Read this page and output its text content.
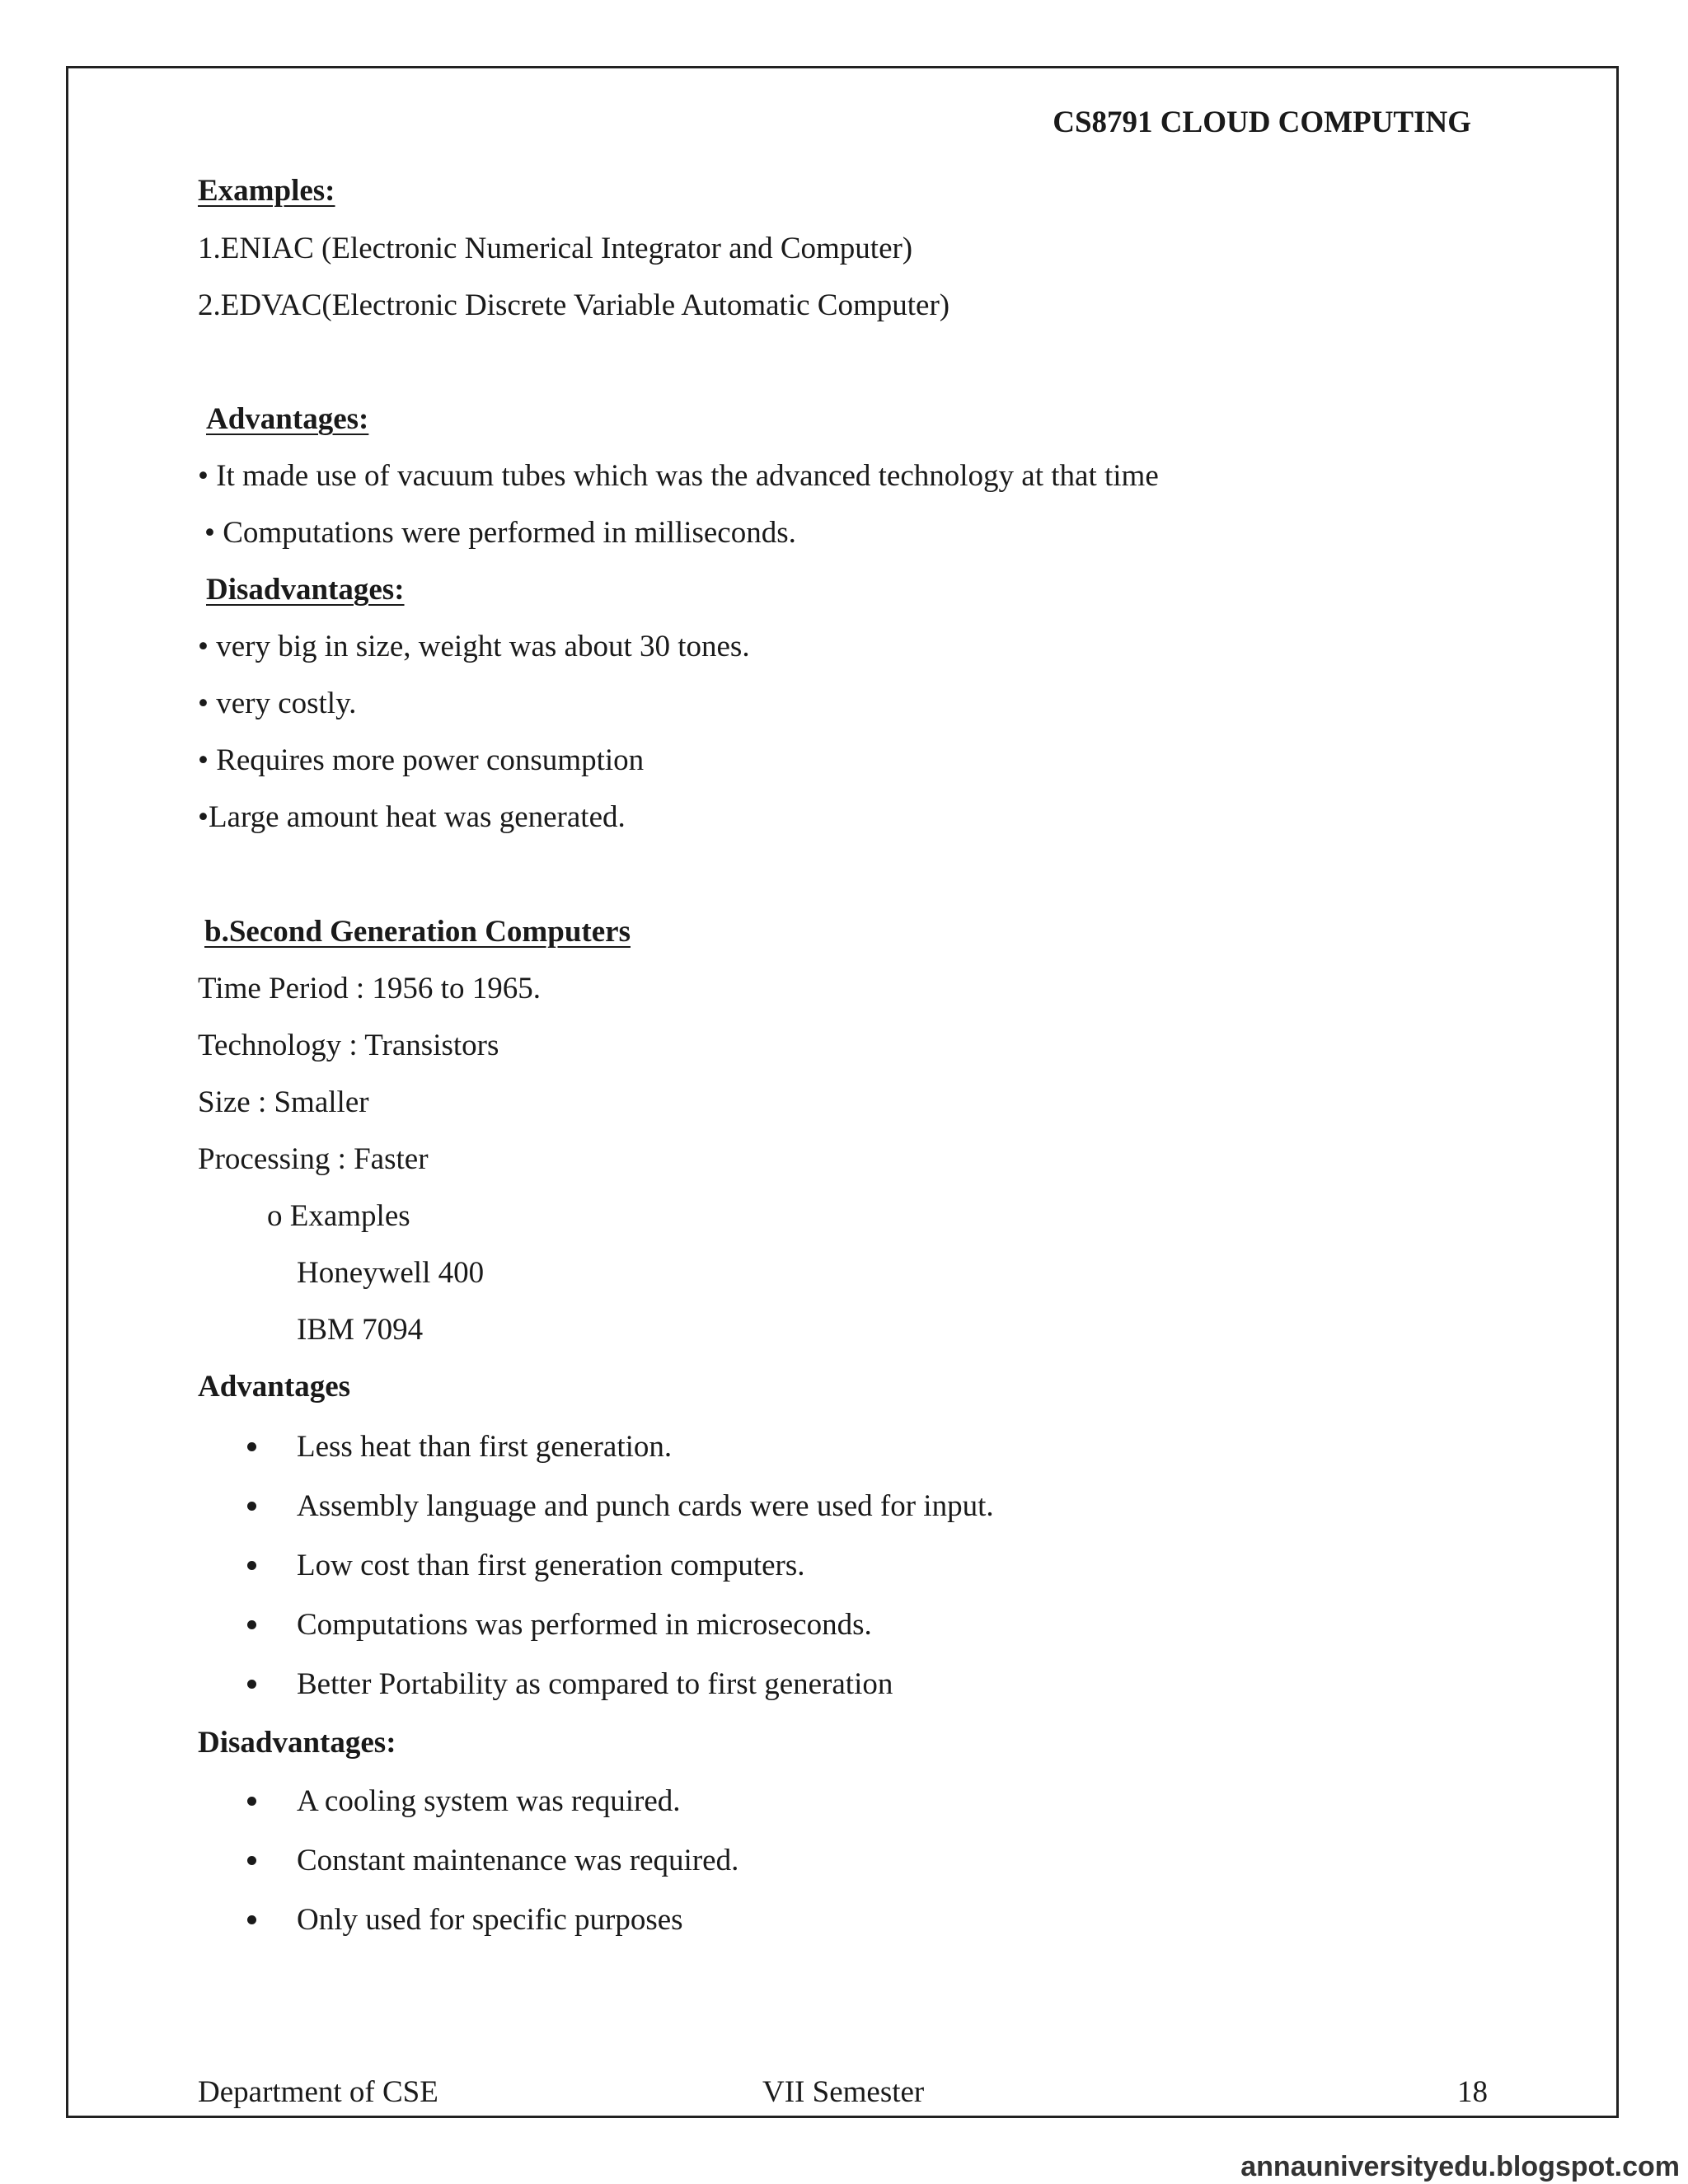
CS8791 CLOUD COMPUTING
Examples:
1.ENIAC (Electronic Numerical Integrator and Computer)
2.EDVAC(Electronic Discrete Variable Automatic Computer)
Advantages:
• It made use of vacuum tubes which was the advanced technology at that time
• Computations were performed in milliseconds.
Disadvantages:
• very big in size, weight was about 30 tones.
• very costly.
• Requires more power consumption
•Large amount heat was generated.
b.Second Generation Computers
Time Period : 1956 to 1965.
Technology : Transistors
Size : Smaller
Processing : Faster
o Examples
Honeywell 400
IBM 7094
Advantages
Less heat than first generation.
Assembly language and punch cards were used for input.
Low cost than first generation computers.
Computations was performed in microseconds.
Better Portability as compared to first generation
Disadvantages:
A cooling system was required.
Constant maintenance was required.
Only used for specific purposes
Department of CSE	VII Semester	18
annauniversityedu.blogspot.com
